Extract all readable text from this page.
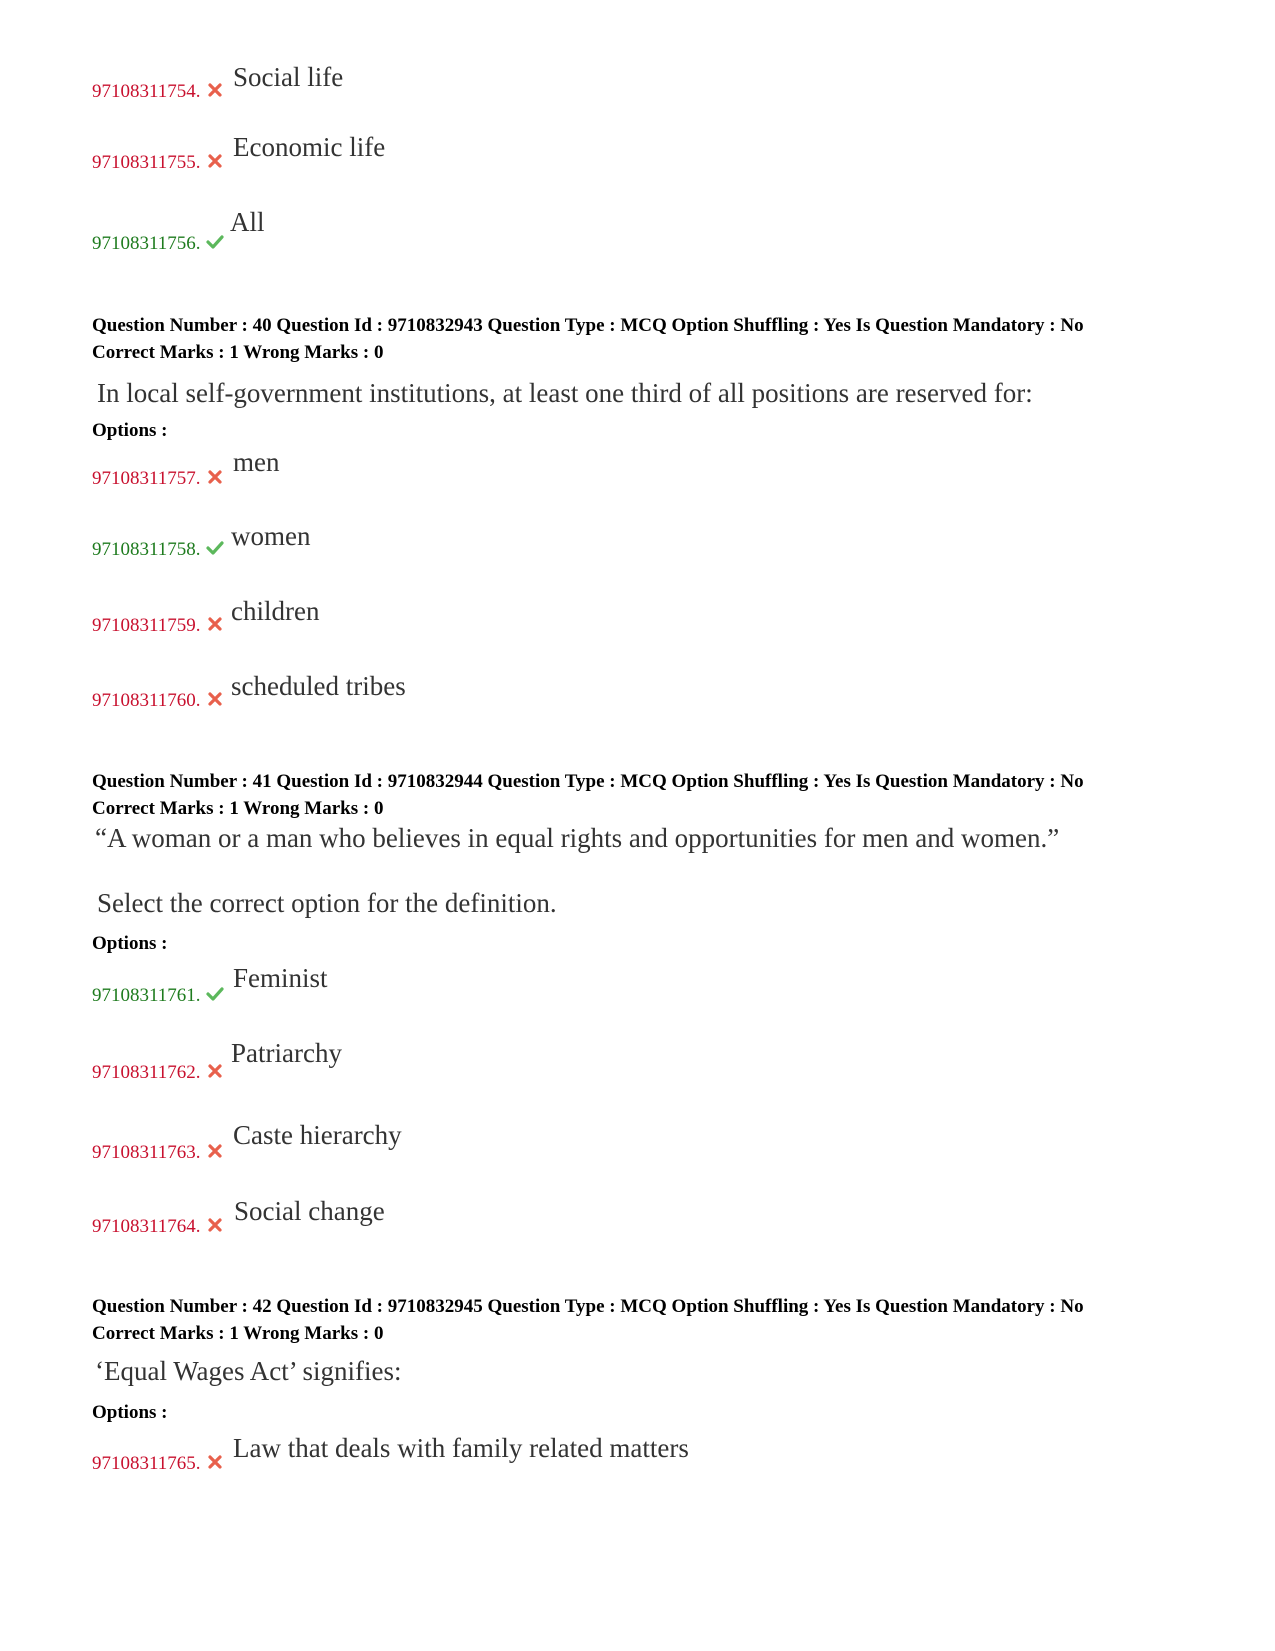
97108311754.	Social life
97108311755.
Economic life
97108311756.
All
Question Number : 40 Question Id : 9710832943 Question Type : MCQ Option Shuffling : Yes Is Question Mandatory : No
Correct Marks : 1 Wrong Marks : 0
In local self-government institutions, at least one third of all positions are reserved for:
Options :
97108311757.
men
97108311758.	women
97108311759.	children
97108311760.	scheduled tribes
Question Number : 41 Question Id : 9710832944 Question Type : MCQ Option Shuffling : Yes Is Question Mandatory : No
Correct Marks : 1 Wrong Marks : 0
“A woman or a man who believes in equal rights and opportunities for men and women.”
Select the correct option for the definition.
Options :
97108311761.
Feminist
97108311762.
Patriarchy
97108311763.
Caste hierarchy
97108311764.
Social change
Question Number : 42 Question Id : 9710832945 Question Type : MCQ Option Shuffling : Yes Is Question Mandatory : No
Correct Marks : 1 Wrong Marks : 0
‘Equal Wages Act’ signifies:
Options :
97108311765.
Law that deals with family related matters
